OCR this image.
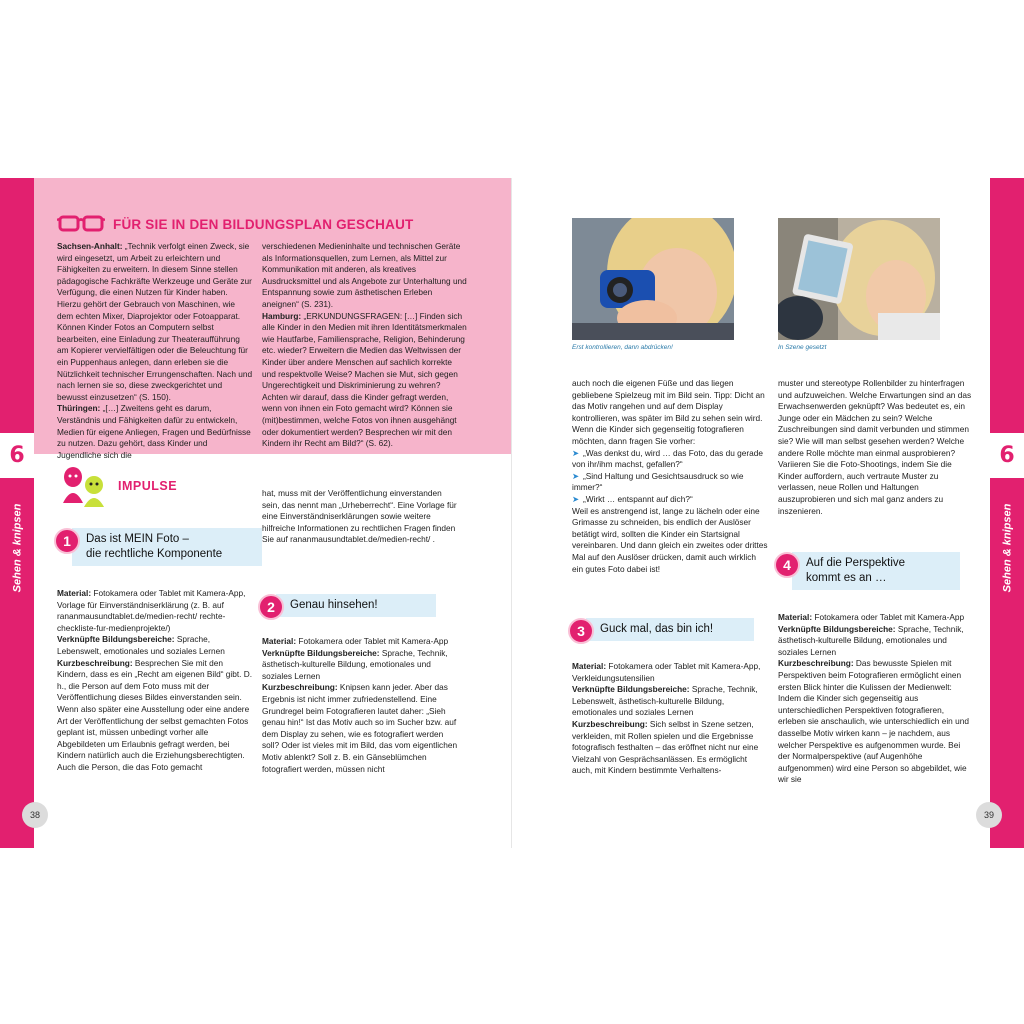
6
Sehen & knipsen
FÜR SIE IN DEN BILDUNGSPLAN GESCHAUT

Sachsen-Anhalt: „Technik verfolgt einen Zweck, sie wird eingesetzt, um Arbeit zu erleichtern und Fähigkeiten zu erweitern. In diesem Sinne stellen pädagogische Fachkräfte Werkzeuge und Geräte zur Verfügung, die einen Nutzen für Kinder haben. Hierzu gehört der Gebrauch von Maschinen, wie dem echten Mixer, Diaprojektor oder Fotoapparat. Können Kinder Fotos an Computern selbst bearbeiten, eine Einladung zur Theateraufführung am Kopierer vervielfältigen oder die Beleuchtung für ein Puppenhaus anlegen, dann erleben sie die Nützlichkeit technischer Errungenschaften. Nach und nach lernen sie so, diese zweckgerichtet und bewusst einzusetzen“ (S. 150).

Thüringen: „[…] Zweitens geht es darum, Verständnis und Fähigkeiten dafür zu entwickeln, Medien für eigene Anliegen, Fragen und Bedürfnisse zu nutzen. Dazu gehört, dass Kinder und Jugendliche sich die

verschiedenen Medieninhalte und technischen Geräte als Informationsquellen, zum Lernen, als Mittel zur Kommunikation mit anderen, als kreatives Ausdrucksmittel und als Angebote zur Unterhaltung und Entspannung sowie zum ästhetischen Erleben aneignen“ (S. 231).

Hamburg: „ERKUNDUNGSFRAGEN: […] Finden sich alle Kinder in den Medien mit ihren Identitätsmerkmalen wie Hautfarbe, Familiensprache, Religion, Behinderung etc. wieder? Erweitern die Medien das Weltwissen der Kinder über andere Menschen auf sachlich korrekte und respektvolle Weise? Machen sie Mut, sich gegen Ungerechtigkeit und Diskriminierung zu wehren? Achten wir darauf, dass die Kinder gefragt werden, wenn von ihnen ein Foto gemacht wird? Können sie (mit)bestimmen, welche Fotos von ihnen ausgehängt oder dokumentiert werden? Besprechen wir mit den Kindern ihr Recht am Bild?“ (S. 62).

IMPULSE
1	Das ist MEIN Foto –
die rechtliche Komponente

Material: Fotokamera oder Tablet mit Kamera-App, Vorlage für Einverständniserklärung (z. B. auf rananmausundtablet.de/medien-recht/ rechte-checkliste-fur-medienprojekte/)

Verknüpfte Bildungsbereiche: Sprache, Lebenswelt, emotionales und soziales Lernen

Kurzbeschreibung: Besprechen Sie mit den Kindern, dass es ein „Recht am eigenen Bild“ gibt. D. h., die Person auf dem Foto muss mit der Veröffentlichung dieses Bildes einverstanden sein. Wenn also später eine Ausstellung oder eine andere Art der Veröffentlichung der selbst gemachten Fotos geplant ist, müssen unbedingt vorher alle Abgebildeten um Erlaubnis gefragt werden, bei Kindern natürlich auch die Erziehungsberechtigten. Auch die Person, die das Foto gemacht

hat, muss mit der Veröffentlichung einverstanden sein, das nennt man „Urheberrecht“. Eine Vorlage für eine Einverständniserklärungen sowie weitere hilfreiche Informationen zu rechtlichen Fragen finden Sie auf rananmausundtablet.de/medien-recht/ .

2	Genau hinsehen!

Material: Fotokamera oder Tablet mit Kamera-App

Verknüpfte Bildungsbereiche: Sprache, Technik, ästhetisch-kulturelle Bildung, emotionales und soziales Lernen

Kurzbeschreibung: Knipsen kann jeder. Aber das Ergebnis ist nicht immer zufriedenstellend. Eine Grundregel beim Fotografieren lautet daher: „Sieh genau hin!“ Ist das Motiv auch so im Sucher bzw. auf dem Display zu sehen, wie es fotografiert werden soll? Oder ist vieles mit im Bild, das vom eigentlichen Motiv ablenkt? Soll z. B. ein Gänseblümchen fotografiert werden, müssen nicht

38
6
Sehen & knipsen
Erst kontrollieren, dann abdrücken!	In Szene gesetzt

auch noch die eigenen Füße und das liegen gebliebene Spielzeug mit im Bild sein. Tipp: Dicht an das Motiv rangehen und auf dem Display kontrollieren, was später im Bild zu sehen sein wird. Wenn die Kinder sich gegenseitig fotografieren möchten, dann fragen Sie vorher:

➤ „Was denkst du, wird … das Foto, das du gerade von ihr/ihm machst, gefallen?“

➤ „Sind Haltung und Gesichtsausdruck so wie immer?“

➤ „Wirkt … entspannt auf dich?“

Weil es anstrengend ist, lange zu lächeln oder eine Grimasse zu schneiden, bis endlich der Auslöser betätigt wird, sollten die Kinder ein Startsignal vereinbaren. Und dann gleich ein zweites oder drittes Mal auf den Auslöser drücken, damit auch wirklich ein gutes Foto dabei ist!

3	Guck mal, das bin ich!

Material: Fotokamera oder Tablet mit Kamera-App, Verkleidungsutensilien

Verknüpfte Bildungsbereiche: Sprache, Technik, Lebenswelt, ästhetisch-kulturelle Bildung, emotionales und soziales Lernen

Kurzbeschreibung: Sich selbst in Szene setzen, verkleiden, mit Rollen spielen und die Ergebnisse fotografisch festhalten – das eröffnet nicht nur eine Vielzahl von Gesprächsanlässen. Es ermöglicht auch, mit Kindern bestimmte Verhaltens-

muster und stereotype Rollenbilder zu hinterfragen und aufzuweichen. Welche Erwartungen sind an das Erwachsenwerden geknüpft? Was bedeutet es, ein Junge oder ein Mädchen zu sein? Welche Zuschreibungen sind damit verbunden und stimmen sie? Wie will man selbst gesehen werden? Welche andere Rolle möchte man einmal ausprobieren? Variieren Sie die Foto-Shootings, indem Sie die Kinder auffordern, auch vertraute Muster zu verlassen, neue Rollen und Haltungen auszuprobieren und sich mal ganz anders zu inszenieren.

4	Auf die Perspektive
kommt es an …

Material: Fotokamera oder Tablet mit Kamera-App

Verknüpfte Bildungsbereiche: Sprache, Technik, ästhetisch-kulturelle Bildung, emotionales und soziales Lernen

Kurzbeschreibung: Das bewusste Spielen mit Perspektiven beim Fotografieren ermöglicht einen ersten Blick hinter die Kulissen der Medienwelt: Indem die Kinder sich gegenseitig aus unterschiedlichen Perspektiven fotografieren, erleben sie anschaulich, wie unterschiedlich ein und dasselbe Motiv wirken kann – je nachdem, aus welcher Perspektive es aufgenommen wurde. Bei der Normalperspektive (auf Augenhöhe aufgenommen) wird eine Person so abgebildet, wie wir sie

39
